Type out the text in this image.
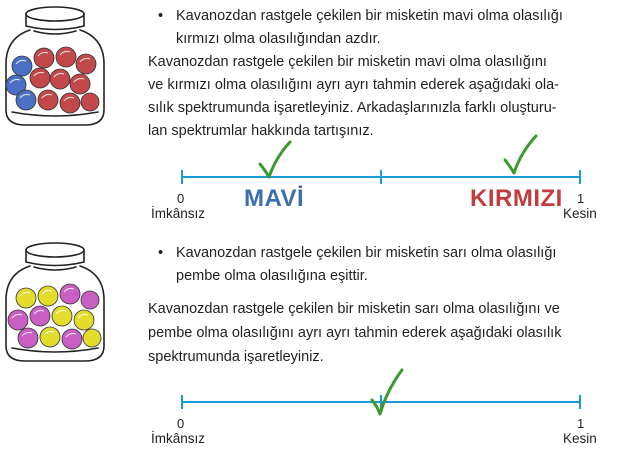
• Kavanozdan rastgele çekilen bir misketin mavi olma olasılığı
kırmızı olma olasılığından azdır.
Kavanozdan rastgele çekilen bir misketin mavi olma olasılığını
ve kırmızı olma olasılığını ayrı ayrı tahmin ederek aşağıdaki ola-
sılık spektrumunda işaretleyiniz. Arkadaşlarınızla farklı oluşturu-
lan spektrumlar hakkında tartışınız.
0	1
İmkânsız	Kesin
MAVİ	KIRMIZI
• Kavanozdan rastgele çekilen bir misketin sarı olma olasılığı
pembe olma olasılığına eşittir.
Kavanozdan rastgele çekilen bir misketin sarı olma olasılığını ve
pembe olma olasılığını ayrı ayrı tahmin ederek aşağıdaki olasılık
spektrumunda işaretleyiniz.
0	1
İmkânsız	Kesin
